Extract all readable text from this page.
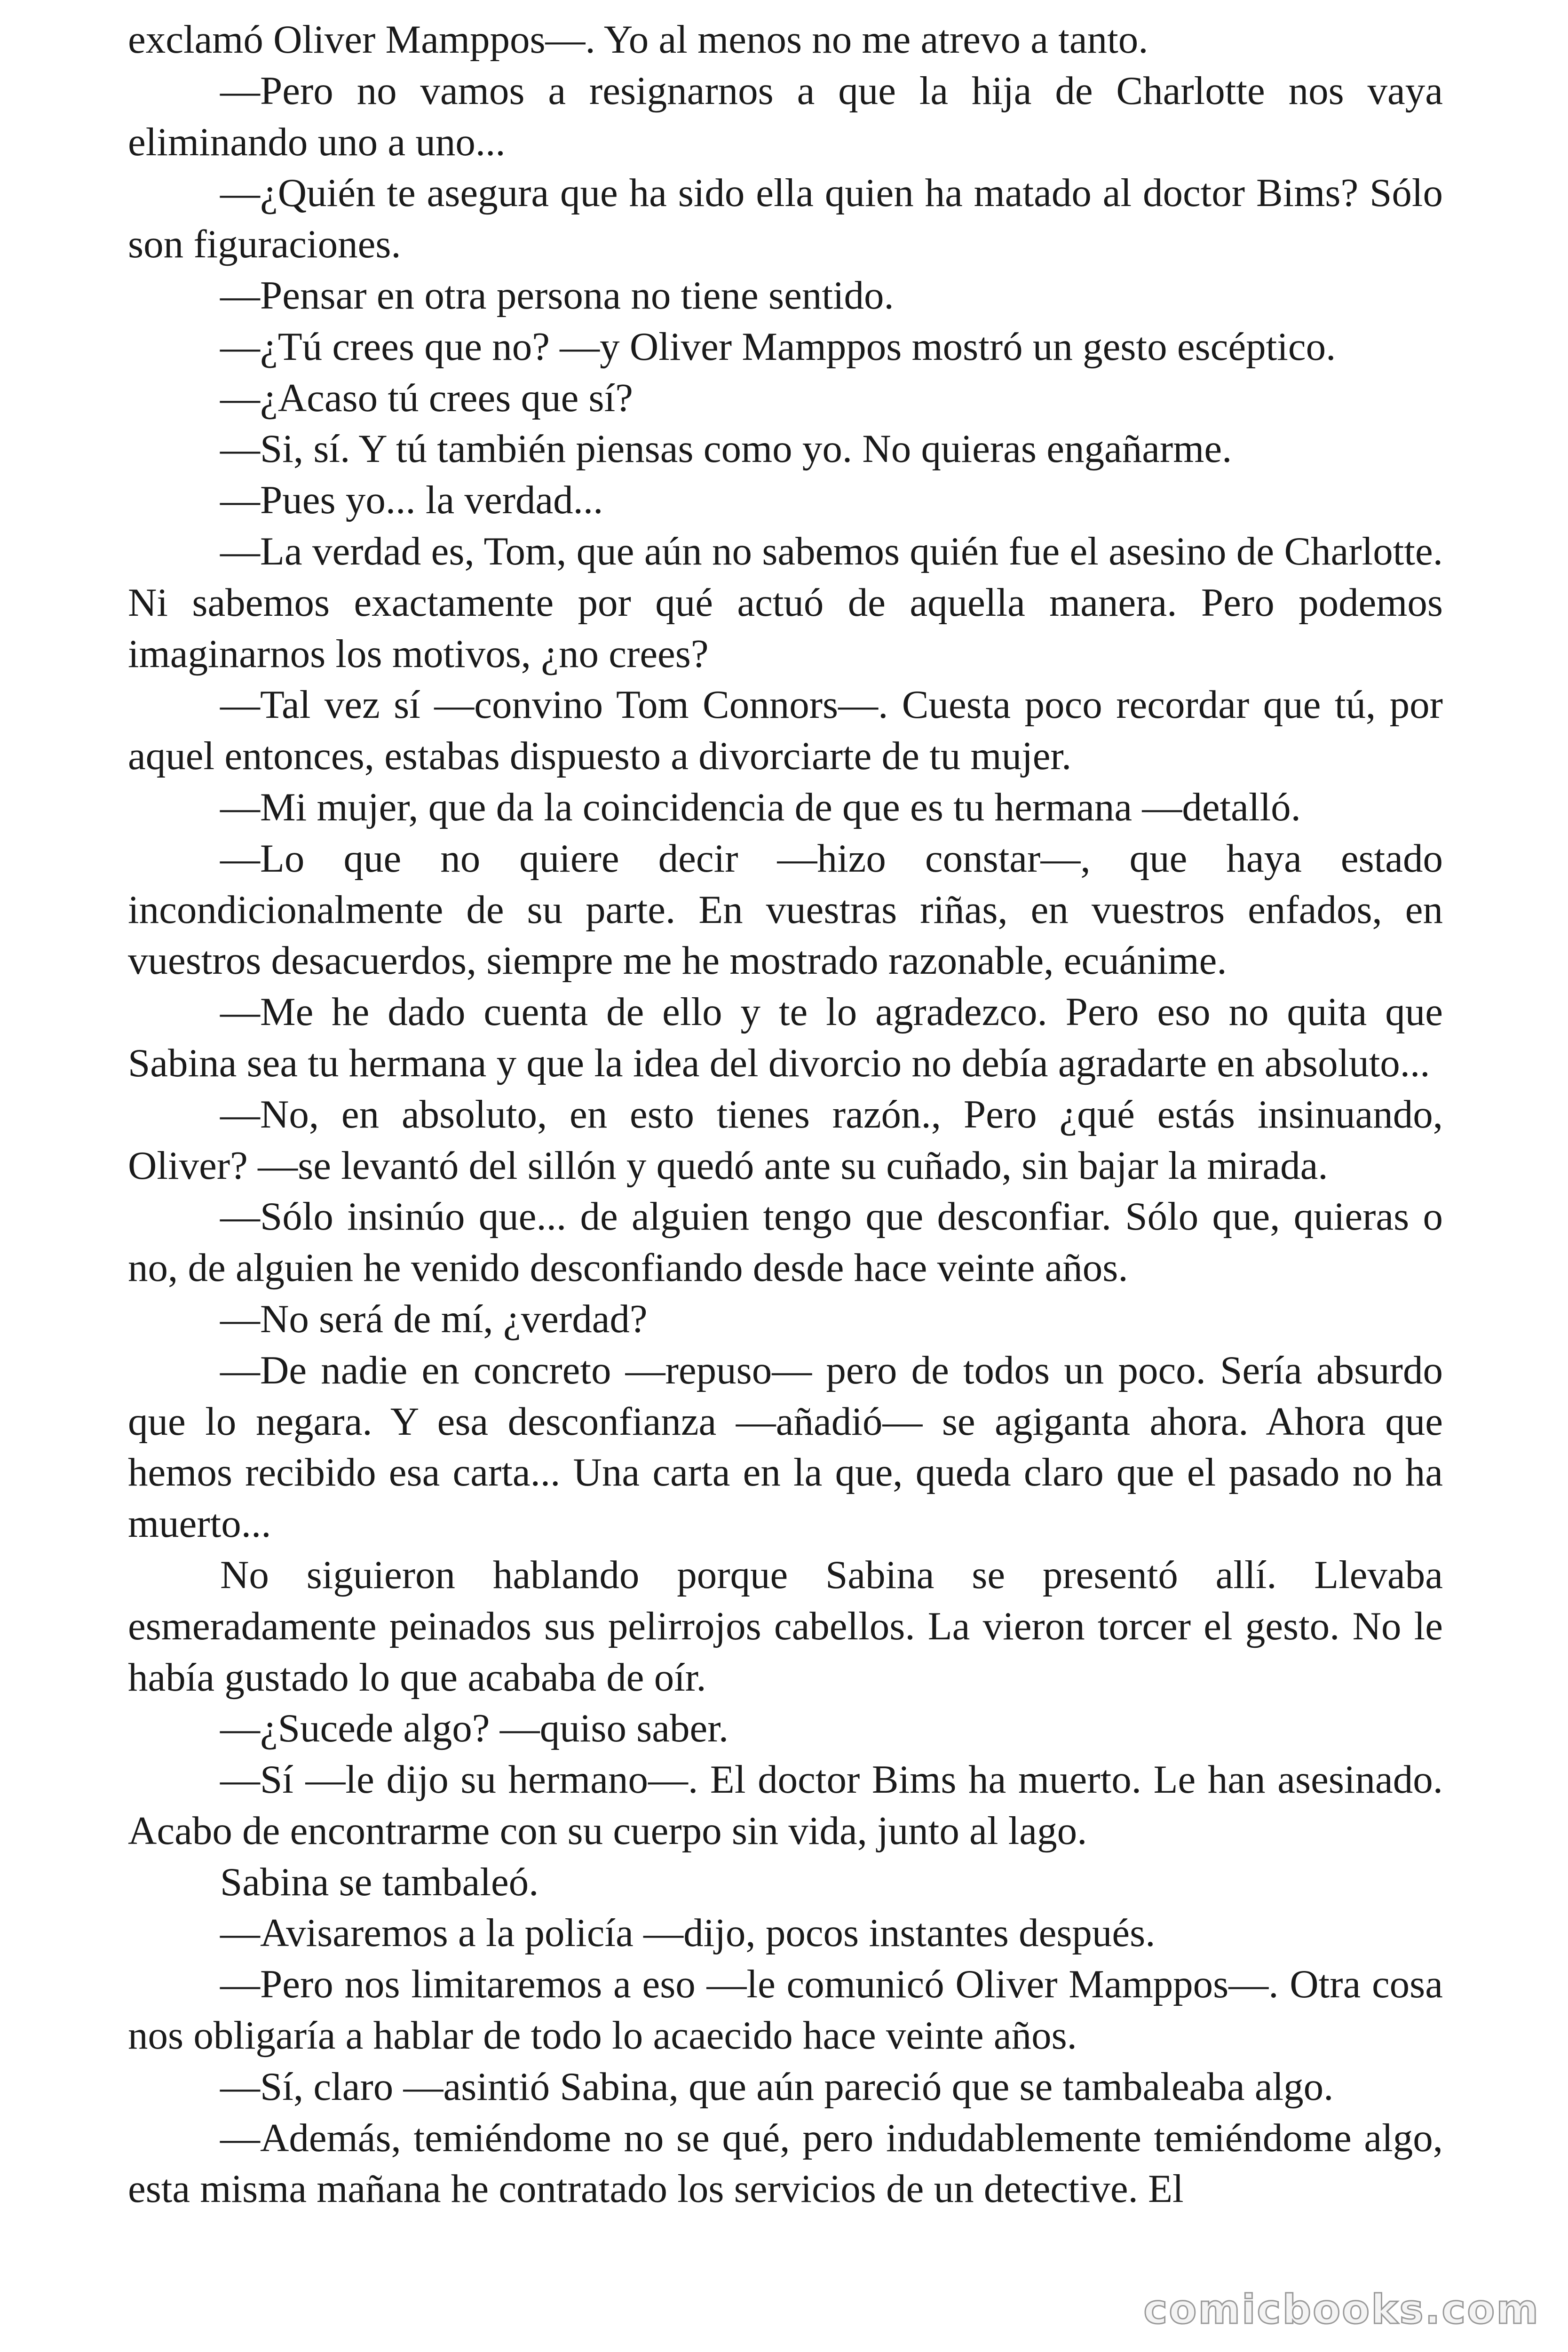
exclamó Oliver Mamppos—. Yo al menos no me atrevo a tanto.

—Pero no vamos a resignarnos a que la hija de Charlotte nos vaya eliminando uno a uno...

—¿Quién te asegura que ha sido ella quien ha matado al doctor Bims? Sólo son figuraciones.

—Pensar en otra persona no tiene sentido.

—¿Tú crees que no? —y Oliver Mamppos mostró un gesto escéptico.

—¿Acaso tú crees que sí?

—Si, sí. Y tú también piensas como yo. No quieras engañarme.

—Pues yo... la verdad...

—La verdad es, Tom, que aún no sabemos quién fue el asesino de Charlotte. Ni sabemos exactamente por qué actuó de aquella manera. Pero podemos imaginarnos los motivos, ¿no crees?

—Tal vez sí —convino Tom Connors—. Cuesta poco recordar que tú, por aquel entonces, estabas dispuesto a divorciarte de tu mujer.

—Mi mujer, que da la coincidencia de que es tu hermana —detalló.

—Lo que no quiere decir —hizo constar—, que haya estado incondicionalmente de su parte. En vuestras riñas, en vuestros enfados, en vuestros desacuerdos, siempre me he mostrado razonable, ecuánime.

—Me he dado cuenta de ello y te lo agradezco. Pero eso no quita que Sabina sea tu hermana y que la idea del divorcio no debía agradarte en absoluto...

—No, en absoluto, en esto tienes razón., Pero ¿qué estás insinuando, Oliver? —se levantó del sillón y quedó ante su cuñado, sin bajar la mirada.

—Sólo insinúo que... de alguien tengo que desconfiar. Sólo que, quieras o no, de alguien he venido desconfiando desde hace veinte años.

—No será de mí, ¿verdad?

—De nadie en concreto —repuso— pero de todos un poco. Sería absurdo que lo negara. Y esa desconfianza —añadió— se agiganta ahora. Ahora que hemos recibido esa carta... Una carta en la que, queda claro que el pasado no ha muerto...

No siguieron hablando porque Sabina se presentó allí. Llevaba esmeradamente peinados sus pelirrojos cabellos. La vieron torcer el gesto. No le había gustado lo que acababa de oír.

—¿Sucede algo? —quiso saber.

—Sí —le dijo su hermano—. El doctor Bims ha muerto. Le han asesinado. Acabo de encontrarme con su cuerpo sin vida, junto al lago.

Sabina se tambaleó.

—Avisaremos a la policía —dijo, pocos instantes después.

—Pero nos limitaremos a eso —le comunicó Oliver Mamppos—. Otra cosa nos obligaría a hablar de todo lo acaecido hace veinte años.

—Sí, claro —asintió Sabina, que aún pareció que se tambaleaba algo.

—Además, temiéndome no se qué, pero indudablemente temiéndome algo, esta misma mañana he contratado los servicios de un detective. El

comicbooks.com
